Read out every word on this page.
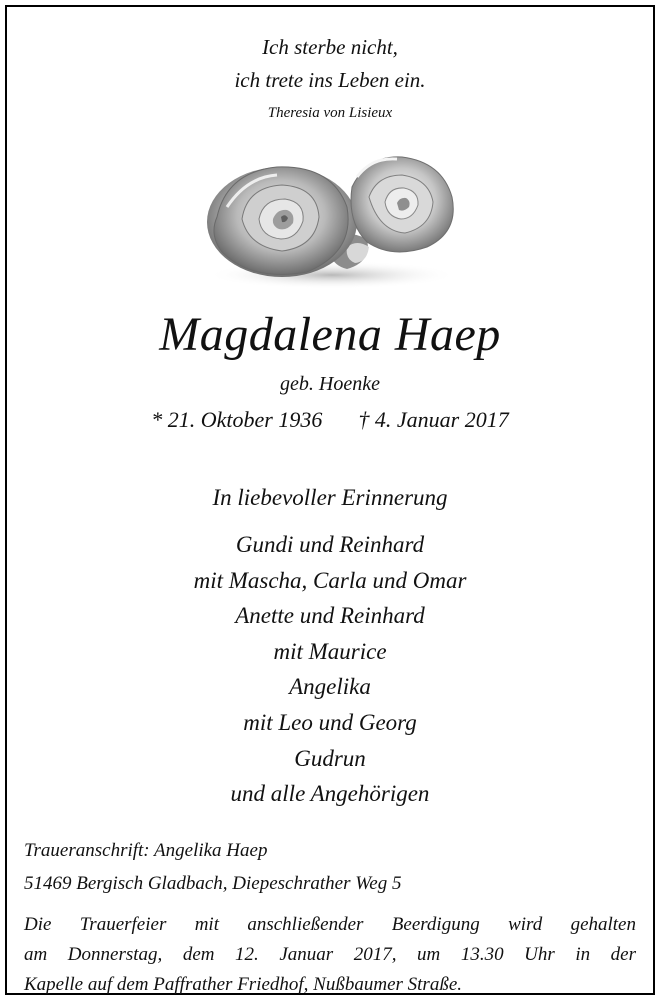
Ich sterbe nicht,
ich trete ins Leben ein.
Theresia von Lisieux
Magdalena Haep
geb. Hoenke
* 21. Oktober 1936 † 4. Januar 2017
In liebevoller Erinnerung
Gundi und Reinhard
mit Mascha, Carla und Omar
Anette und Reinhard
mit Maurice
Angelika
mit Leo und Georg
Gudrun
und alle Angehörigen
Traueranschrift: Angelika Haep
51469 Bergisch Gladbach, Diepeschrather Weg 5
Die Trauerfeier mit anschließender Beerdigung wird gehalten
am Donnerstag, dem 12. Januar 2017, um 13.30 Uhr in der
Kapelle auf dem Paffrather Friedhof, Nußbaumer Straße.
